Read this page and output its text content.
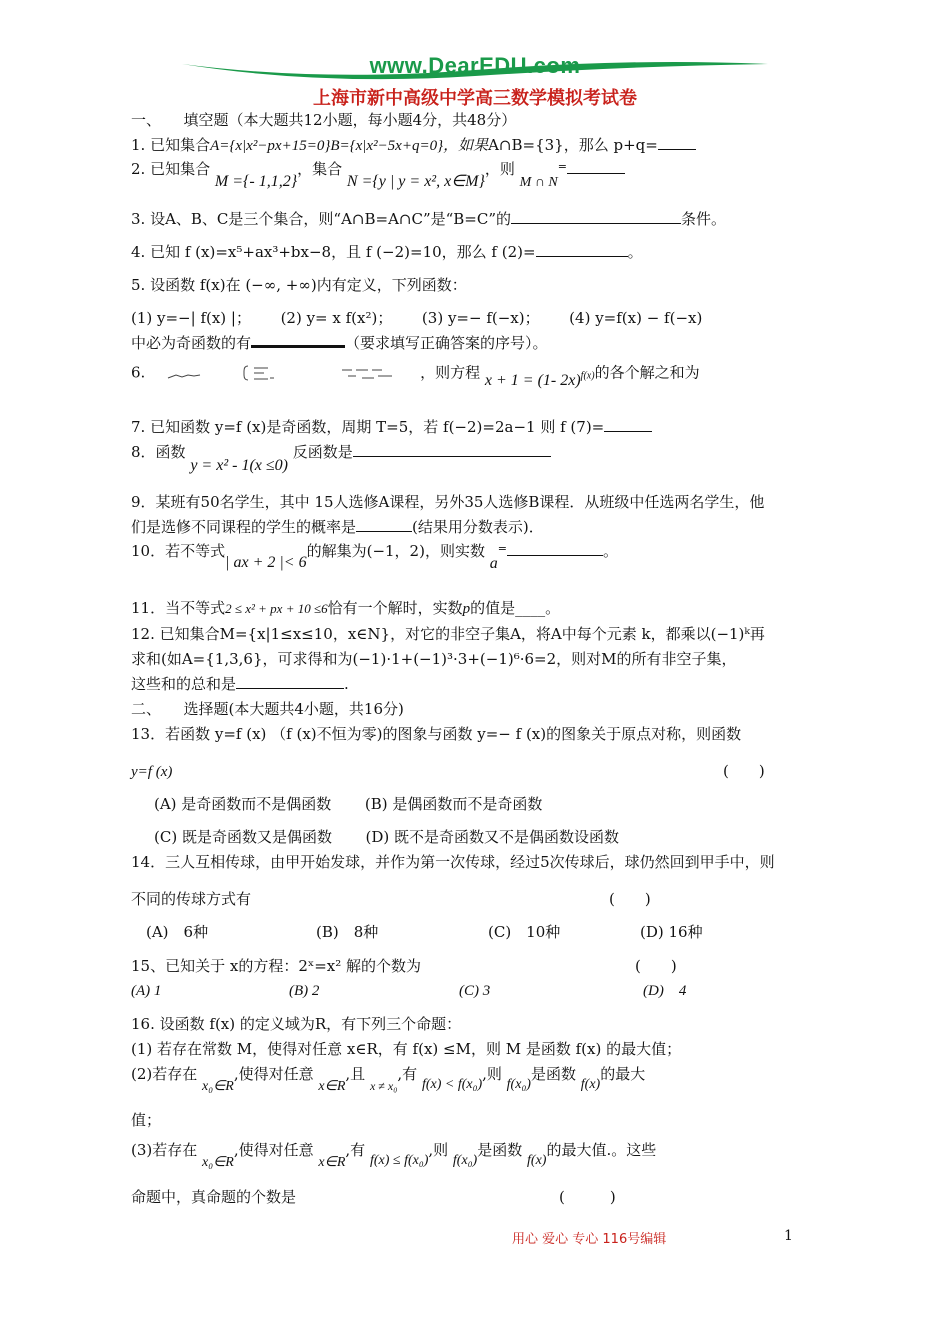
www.DearEDU.com
上海市新中高级中学高三数学模拟考试卷
一、　　填空题（本大题共12小题，每小题4分，共48分）
1. 已知集合A={x|x²−px+15=0}B={x|x²−5x+q=0}，如果A∩B={3}，那么 p+q=
2. 已知集合 M ={- 1,1,2}，集合 N ={y | y = x², x∈M}，则 M ∩ N=
3. 设A、B、C是三个集合，则“A∩B=A∩C”是“B=C”的	条件。
4. 已知 f (x)=x⁵+ax³+bx−8，且 f (−2)=10，那么 f (2)=	。
5. 设函数 f(x)在 (−∞, +∞)内有定义，下列函数：
(1) y=−| f(x) |； (2) y= x f(x²)； (3) y=− f(−x)； (4) y=f(x) − f(−x)
中必为奇函数的有	（要求填写正确答案的序号）。
6.	，则方程 x + 1 = (1- 2x)$^{f(x)}$的各个解之和为
7. 已知函数 y=f (x)是奇函数，周期 T=5，若 f(−2)=2a−1 则 f (7)=
8．函数 y = x² - 1(x ≤0) 反函数是
9．某班有50名学生，其中 15人选修A课程，另外35人选修B课程．从班级中任选两名学生，他
们是选修不同课程的学生的概率是	(结果用分数表示)．
10．若不等式| ax + 2 |< 6的解集为(−1，2)，则实数 a=	。
11．当不等式2 ≤ x² + px + 10 ≤6恰有一个解时，实数p的值是____。
12. 已知集合M={x|1≤x≤10，x∈N}，对它的非空子集A，将A中每个元素 k，都乘以(−1)ᵏ再
求和(如A={1,3,6}，可求得和为(−1)·1+(−1)³·3+(−1)⁶·6=2，则对M的所有非空子集，
这些和的总和是	.
二、　　选择题(本大题共4小题，共16分)
13．若函数 y=f (x) （f (x)不恒为零)的图象与函数 y=− f (x)的图象关于原点对称，则函数
y=f (x)	(　　)
(A) 是奇函数而不是偶函数 (B) 是偶函数而不是奇函数
(C) 既是奇函数又是偶函数 (D) 既不是奇函数又不是偶函数设函数
14．三人互相传球，由甲开始发球，并作为第一次传球，经过5次传球后，球仍然回到甲手中，则
不同的传球方式有	(　　)
(A)　6种	(B)　8种	(C)　10种	(D) 16种
15、已知关于 x的方程：2ˣ=x² 解的个数为	(　　)
(A) 1	(B) 2	(C) 3	(D)　4
16. 设函数 f(x) 的定义域为R，有下列三个命题：
(1) 若存在常数 M，使得对任意 x∈R，有 f(x) ≤M，则 M 是函数 f(x) 的最大值；
(2)若存在 x₀∈R,使得对任意 x∈R,且 $_{x \ne x_0}$,有 f(x) < f(x₀),则 f(x₀)是函数 f(x)的最大
值；
(3)若存在 x₀∈R,使得对任意 x∈R,有 f(x) ≤ f(x₀),则 f(x₀)是函数 f(x)的最大值.。这些
命题中，真命题的个数是	(　　　)
用心 爱心 专心 116号编辑	1
